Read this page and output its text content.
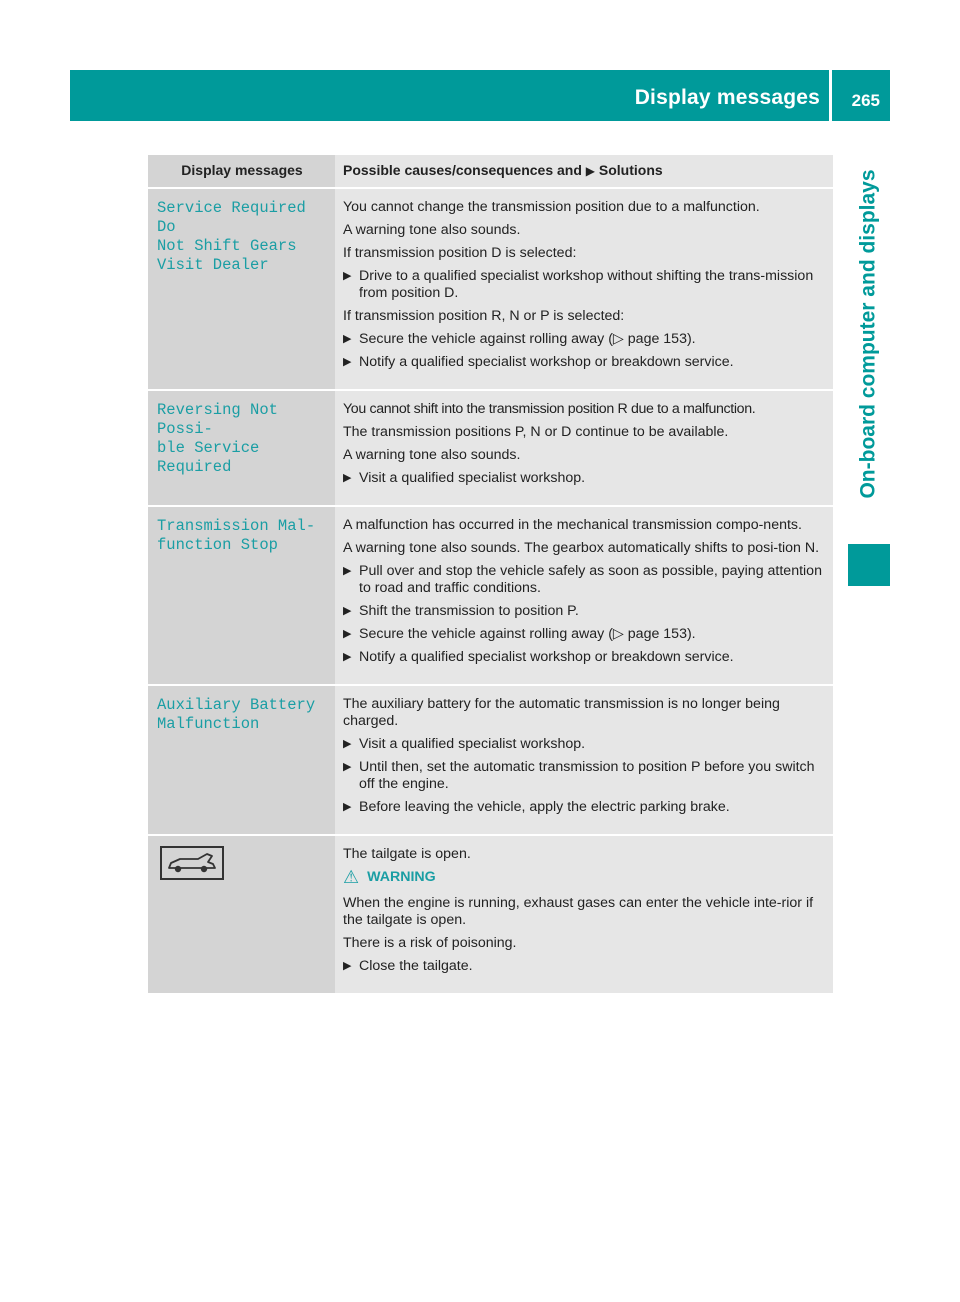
Display messages 265
On-board computer and displays
Display messages	Possible causes/consequences and ▶ Solutions
Service Required Do
Not Shift Gears
Visit Dealer

You cannot change the transmission position due to a malfunction.

A warning tone also sounds.

If transmission position D is selected:

▶ Drive to a qualified specialist workshop without shifting the trans-mission from position D.

If transmission position R, N or P is selected:

▶ Secure the vehicle against rolling away (▷ page 153).
▶ Notify a qualified specialist workshop or breakdown service.
Reversing Not Possi‐
ble Service Required

You cannot shift into the transmission position R due to a malfunction.

The transmission positions P, N or D continue to be available.

A warning tone also sounds.

▶ Visit a qualified specialist workshop.
Transmission Mal‐
function Stop

A malfunction has occurred in the mechanical transmission compo-nents.

A warning tone also sounds. The gearbox automatically shifts to posi-tion N.

▶ Pull over and stop the vehicle safely as soon as possible, paying attention to road and traffic conditions.
▶ Shift the transmission to position P.
▶ Secure the vehicle against rolling away (▷ page 153).
▶ Notify a qualified specialist workshop or breakdown service.
Auxiliary Battery
Malfunction

The auxiliary battery for the automatic transmission is no longer being charged.

▶ Visit a qualified specialist workshop.
▶ Until then, set the automatic transmission to position P before you switch off the engine.
▶ Before leaving the vehicle, apply the electric parking brake.

The tailgate is open.

⚠ WARNING

When the engine is running, exhaust gases can enter the vehicle inte-rior if the tailgate is open.

There is a risk of poisoning.

▶ Close the tailgate.
